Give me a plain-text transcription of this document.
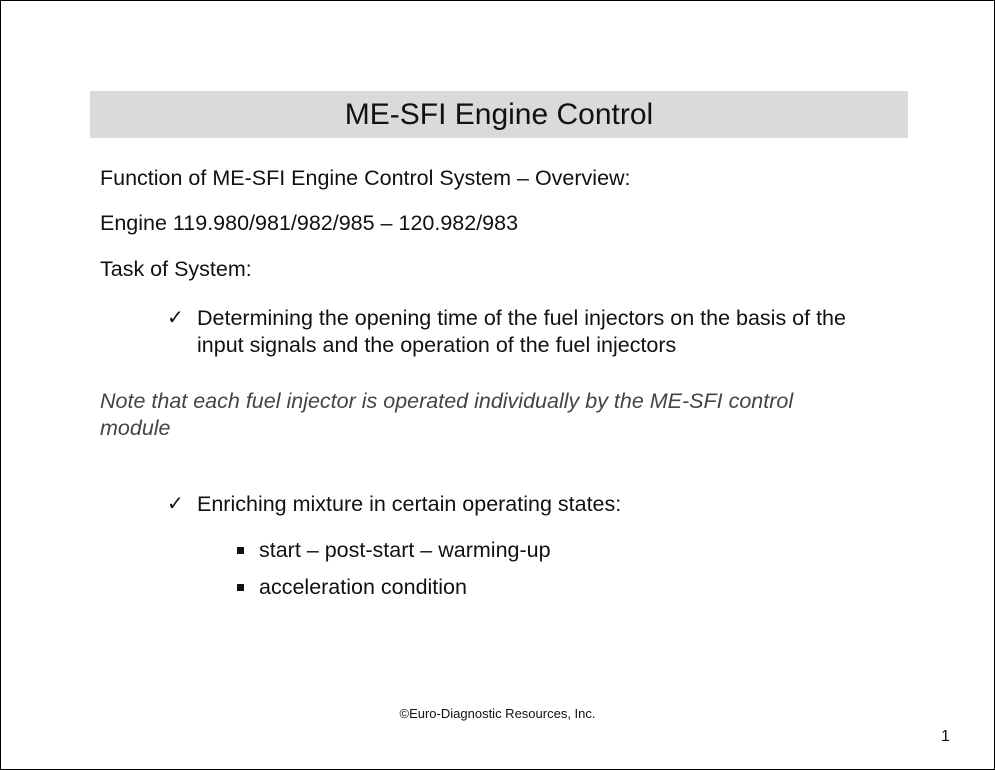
ME-SFI Engine Control
Function of ME-SFI Engine Control System – Overview:
Engine 119.980/981/982/985 – 120.982/983
Task of System:
✓ Determining the opening time of the fuel injectors on the basis of the input signals and the operation of the fuel injectors
Note that each fuel injector is operated individually by the ME-SFI control module
✓ Enriching mixture in certain operating states:
start – post-start – warming-up
acceleration condition
©Euro-Diagnostic Resources, Inc.
1
